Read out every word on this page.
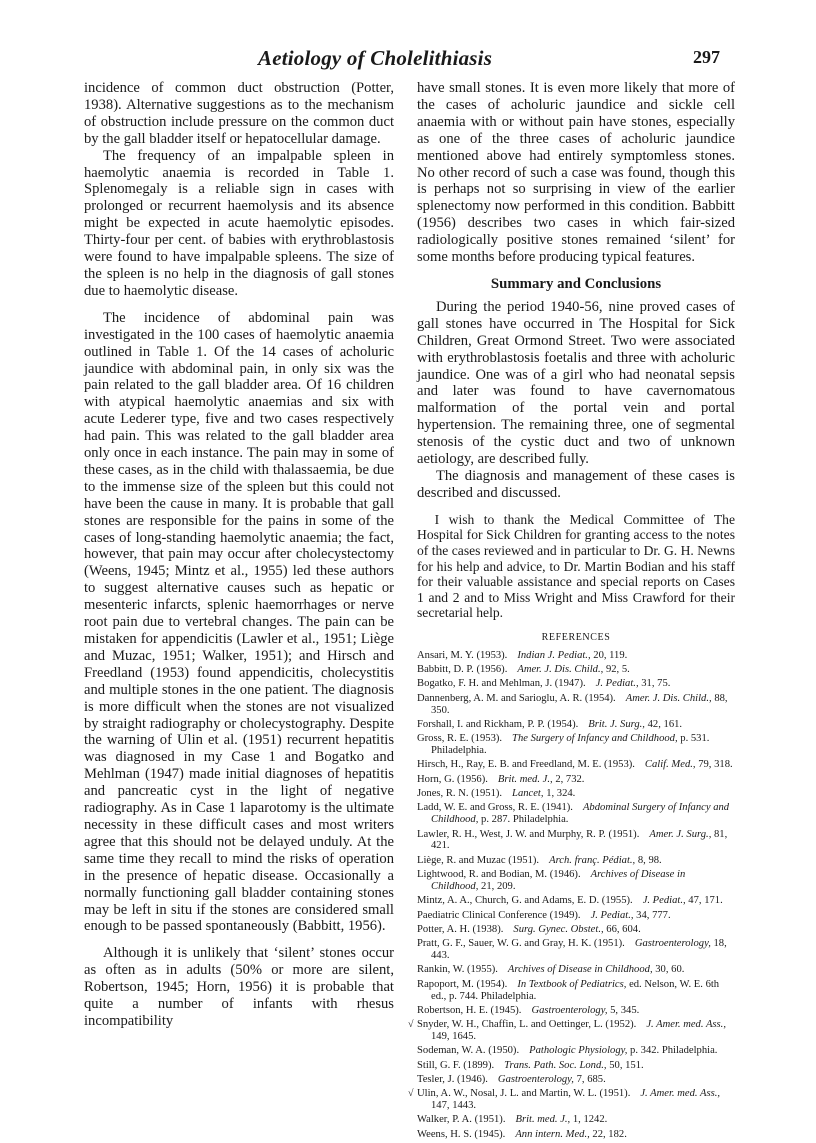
Aetiology of Cholelithiasis	297

incidence of common duct obstruction (Potter, 1938). Alternative suggestions as to the mechanism of obstruction include pressure on the common duct by the gall bladder itself or hepatocellular damage.

The frequency of an impalpable spleen in haemolytic anaemia is recorded in Table 1. Splenomegaly is a reliable sign in cases with prolonged or recurrent haemolysis and its absence might be expected in acute haemolytic episodes. Thirty-four per cent. of babies with erythroblastosis were found to have impalpable spleens. The size of the spleen is no help in the diagnosis of gall stones due to haemolytic disease.

The incidence of abdominal pain was investigated in the 100 cases of haemolytic anaemia outlined in Table 1. Of the 14 cases of acholuric jaundice with abdominal pain, in only six was the pain related to the gall bladder area. Of 16 children with atypical haemolytic anaemias and six with acute Lederer type, five and two cases respectively had pain. This was related to the gall bladder area only once in each instance. The pain may in some of these cases, as in the child with thalassaemia, be due to the immense size of the spleen but this could not have been the cause in many. It is probable that gall stones are responsible for the pains in some of the cases of long-standing haemolytic anaemia; the fact, however, that pain may occur after cholecystectomy (Weens, 1945; Mintz et al., 1955) led these authors to suggest alternative causes such as hepatic or mesenteric infarcts, splenic haemorrhages or nerve root pain due to vertebral changes. The pain can be mistaken for appendicitis (Lawler et al., 1951; Liège and Muzac, 1951; Walker, 1951); and Hirsch and Freedland (1953) found appendicitis, cholecystitis and multiple stones in the one patient. The diagnosis is more difficult when the stones are not visualized by straight radiography or cholecystography. Despite the warning of Ulin et al. (1951) recurrent hepatitis was diagnosed in my Case 1 and Bogatko and Mehlman (1947) made initial diagnoses of hepatitis and pancreatic cyst in the light of negative radiography. As in Case 1 laparotomy is the ultimate necessity in these difficult cases and most writers agree that this should not be delayed unduly. At the same time they recall to mind the risks of operation in the presence of hepatic disease. Occasionally a normally functioning gall bladder containing stones may be left in situ if the stones are considered small enough to be passed spontaneously (Babbitt, 1956).

Although it is unlikely that ‘silent’ stones occur as often as in adults (50% or more are silent, Robertson, 1945; Horn, 1956) it is probable that quite a number of infants with rhesus incompatibility

have small stones. It is even more likely that more of the cases of acholuric jaundice and sickle cell anaemia with or without pain have stones, especially as one of the three cases of acholuric jaundice mentioned above had entirely symptomless stones. No other record of such a case was found, though this is perhaps not so surprising in view of the earlier splenectomy now performed in this condition. Babbitt (1956) describes two cases in which fair-sized radiologically positive stones remained ‘silent’ for some months before producing typical features.

Summary and Conclusions

During the period 1940-56, nine proved cases of gall stones have occurred in The Hospital for Sick Children, Great Ormond Street. Two were associated with erythroblastosis foetalis and three with acholuric jaundice. One was of a girl who had neonatal sepsis and later was found to have cavernomatous malformation of the portal vein and portal hypertension. The remaining three, one of segmental stenosis of the cystic duct and two of unknown aetiology, are described fully.

The diagnosis and management of these cases is described and discussed.

I wish to thank the Medical Committee of The Hospital for Sick Children for granting access to the notes of the cases reviewed and in particular to Dr. G. H. Newns for his help and advice, to Dr. Martin Bodian and his staff for their valuable assistance and special reports on Cases 1 and 2 and to Miss Wright and Miss Crawford for their secretarial help.

REFERENCES
Ansari, M. Y. (1953). Indian J. Pediat., 20, 119.
Babbitt, D. P. (1956). Amer. J. Dis. Child., 92, 5.
Bogatko, F. H. and Mehlman, J. (1947). J. Pediat., 31, 75.
Dannenberg, A. M. and Sarioglu, A. R. (1954). Amer. J. Dis. Child., 88, 350.
Forshall, I. and Rickham, P. P. (1954). Brit. J. Surg., 42, 161.
Gross, R. E. (1953). The Surgery of Infancy and Childhood, p. 531. Philadelphia.
Hirsch, H., Ray, E. B. and Freedland, M. E. (1953). Calif. Med., 79, 318.
Horn, G. (1956). Brit. med. J., 2, 732.
Jones, R. N. (1951). Lancet, 1, 324.
Ladd, W. E. and Gross, R. E. (1941). Abdominal Surgery of Infancy and Childhood, p. 287. Philadelphia.
Lawler, R. H., West, J. W. and Murphy, R. P. (1951). Amer. J. Surg., 81, 421.
Liège, R. and Muzac (1951). Arch. franç. Pédiat., 8, 98.
Lightwood, R. and Bodian, M. (1946). Archives of Disease in Childhood, 21, 209.
Mintz, A. A., Church, G. and Adams, E. D. (1955). J. Pediat., 47, 171.
Paediatric Clinical Conference (1949). J. Pediat., 34, 777.
Potter, A. H. (1938). Surg. Gynec. Obstet., 66, 604.
Pratt, G. F., Sauer, W. G. and Gray, H. K. (1951). Gastroenterology, 18, 443.
Rankin, W. (1955). Archives of Disease in Childhood, 30, 60.
Rapoport, M. (1954). In Textbook of Pediatrics, ed. Nelson, W. E. 6th ed., p. 744. Philadelphia.
Robertson, H. E. (1945). Gastroenterology, 5, 345.
√ Snyder, W. H., Chaffin, L. and Oettinger, L. (1952). J. Amer. med. Ass., 149, 1645.
Sodeman, W. A. (1950). Pathologic Physiology, p. 342. Philadelphia.
Still, G. F. (1899). Trans. Path. Soc. Lond., 50, 151.
Tesler, J. (1946). Gastroenterology, 7, 685.
√ Ulin, A. W., Nosal, J. L. and Martin, W. L. (1951). J. Amer. med. Ass., 147, 1443.
Walker, P. A. (1951). Brit. med. J., 1, 1242.
Weens, H. S. (1945). Ann intern. Med., 22, 182.
